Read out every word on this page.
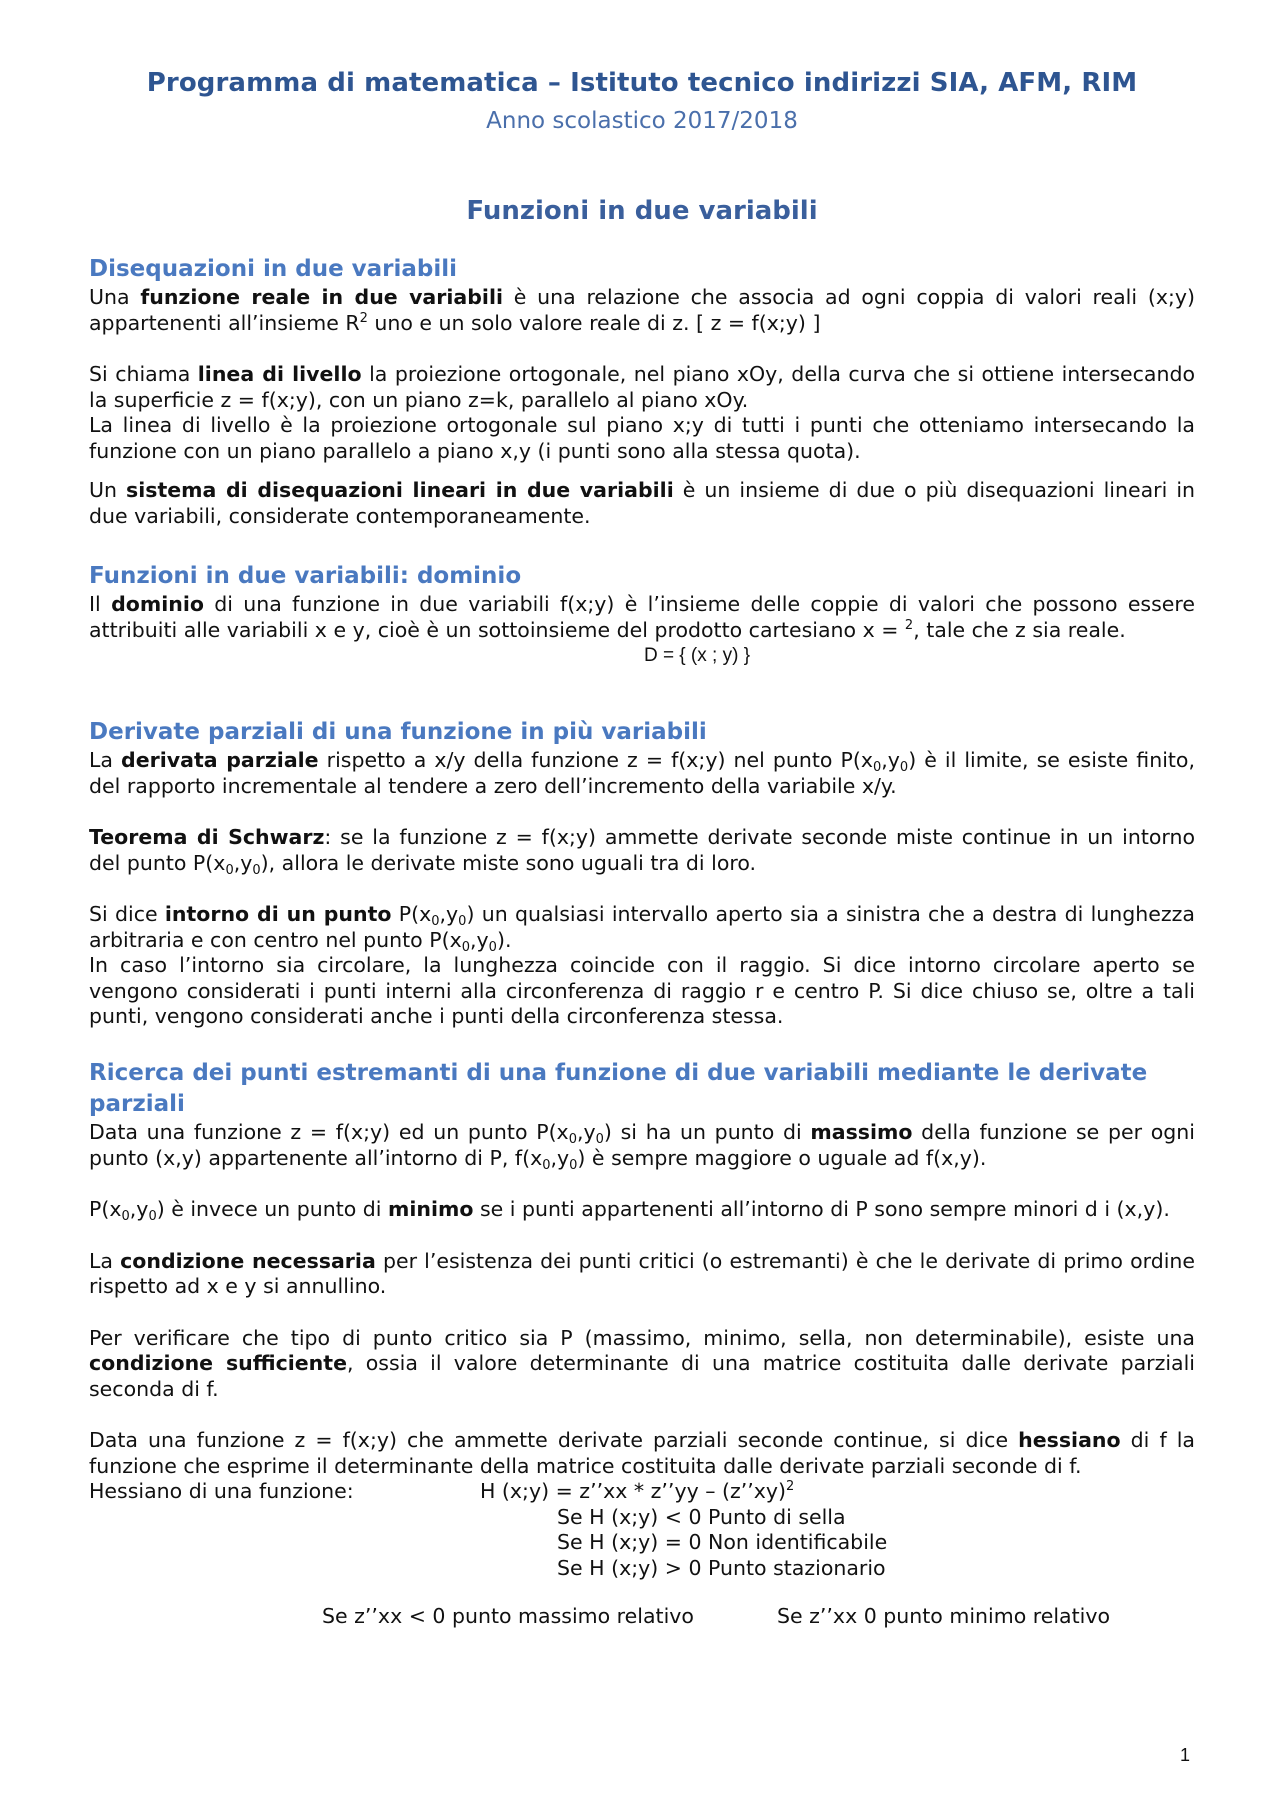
Programma di matematica – Istituto tecnico indirizzi SIA, AFM, RIM
Anno scolastico 2017/2018
Funzioni in due variabili
Disequazioni in due variabili

Una funzione reale in due variabili è una relazione che associa ad ogni coppia di valori reali (x;y) appartenenti all’insieme $R^2$ uno e un solo valore reale di z. [ z = f(x;y) ]

Si chiama linea di livello la proiezione ortogonale, nel piano xOy, della curva che si ottiene intersecando la superficie z = f(x;y), con un piano z=k, parallelo al piano xOy.

La linea di livello è la proiezione ortogonale sul piano x;y di tutti i punti che otteniamo intersecando la funzione con un piano parallelo a piano x,y (i punti sono alla stessa quota).

Un sistema di disequazioni lineari in due variabili è un insieme di due o più disequazioni lineari in due variabili, considerate contemporaneamente.

Funzioni in due variabili: dominio

Il dominio di una funzione in due variabili f(x;y) è l’insieme delle coppie di valori che possono essere attribuiti alle variabili x e y, cioè è un sottoinsieme del prodotto cartesiano x = $^2$, tale che z sia reale.

D = { (x ; y) }
Derivate parziali di una funzione in più variabili

La derivata parziale rispetto a x/y della funzione z = f(x;y) nel punto $P(x_0,y_0)$ è il limite, se esiste finito, del rapporto incrementale al tendere a zero dell’incremento della variabile x/y.

Teorema di Schwarz: se la funzione z = f(x;y) ammette derivate seconde miste continue in un intorno del punto $P(x_0,y_0)$, allora le derivate miste sono uguali tra di loro.

Si dice intorno di un punto $P(x_0,y_0)$ un qualsiasi intervallo aperto sia a sinistra che a destra di lunghezza arbitraria e con centro nel punto $P(x_0,y_0)$.

In caso l’intorno sia circolare, la lunghezza coincide con il raggio. Si dice intorno circolare aperto se vengono considerati i punti interni alla circonferenza di raggio r e centro P. Si dice chiuso se, oltre a tali punti, vengono considerati anche i punti della circonferenza stessa.

Ricerca dei punti estremanti di una funzione di due variabili mediante le derivate parziali

Data una funzione z = f(x;y) ed un punto $P(x_0,y_0)$ si ha un punto di massimo della funzione se per ogni punto (x,y) appartenente all’intorno di P, $f(x_0,y_0)$ è sempre maggiore o uguale ad f(x,y).

$P(x_0,y_0)$ è invece un punto di minimo se i punti appartenenti all’intorno di P sono sempre minori d i (x,y).

La condizione necessaria per l’esistenza dei punti critici (o estremanti) è che le derivate di primo ordine rispetto ad x e y si annullino.

Per verificare che tipo di punto critico sia P (massimo, minimo, sella, non determinabile), esiste una condizione sufficiente, ossia il valore determinante di una matrice costituita dalle derivate parziali seconda di f.

Data una funzione z = f(x;y) che ammette derivate parziali seconde continue, si dice hessiano di f la funzione che esprime il determinante della matrice costituita dalle derivate parziali seconde di f.

Hessiano di una funzione:	H (x;y) = z’’xx * z’’yy – (z’’xy)$^2$
Se H (x;y) < 0 Punto di sella
Se H (x;y) = 0 Non identificabile
Se H (x;y) > 0 Punto stazionario
Se z’’xx < 0 punto massimo relativo	Se z’’xx 0 punto minimo relativo
1
